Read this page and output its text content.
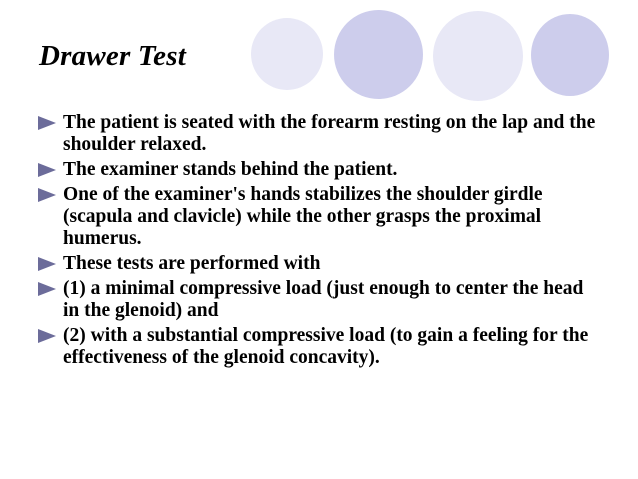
Drawer Test
The patient is seated with the forearm resting on the lap and the shoulder relaxed.
The examiner stands behind the patient.
One of the examiner's hands stabilizes the shoulder girdle (scapula and clavicle) while the other grasps the proximal humerus.
These tests are performed with
(1) a minimal compressive load (just enough to center the head in the glenoid) and
(2) with a substantial compressive load (to gain a feeling for the effectiveness of the glenoid concavity).
